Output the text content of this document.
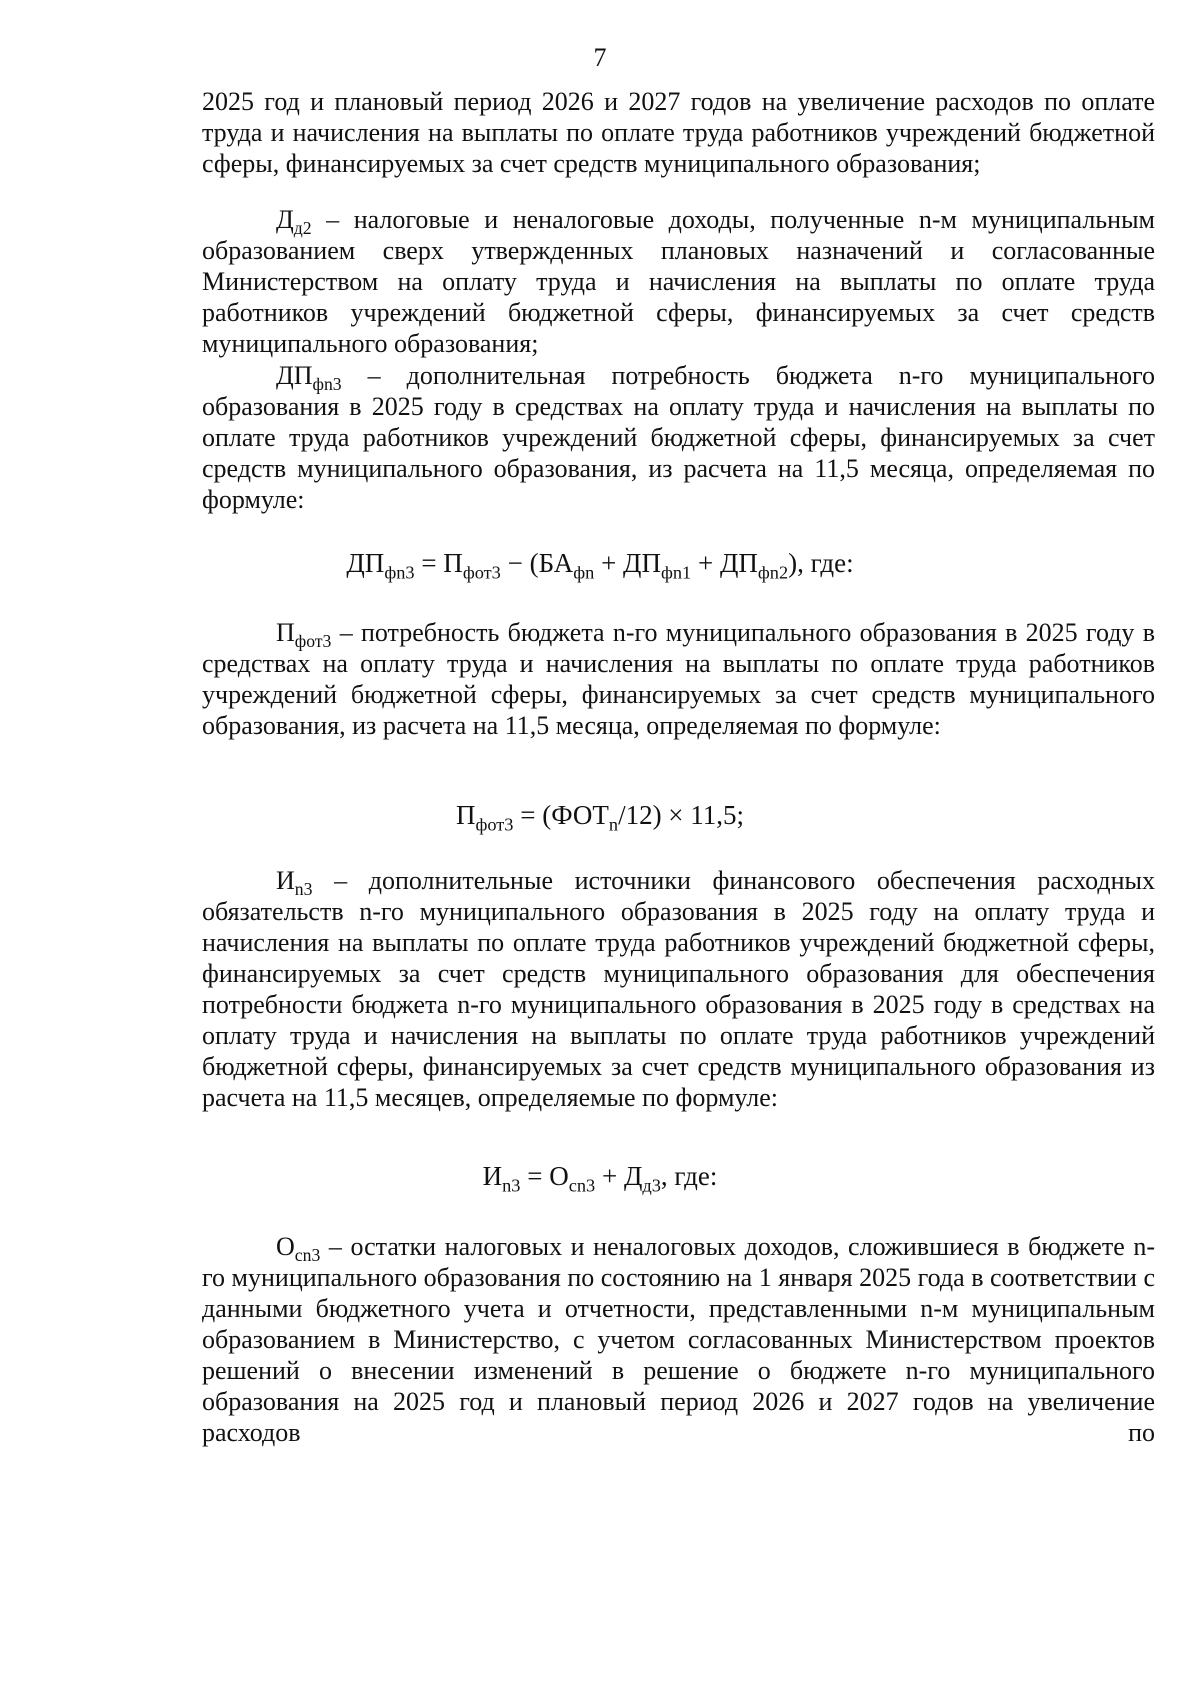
7
2025 год и плановый период 2026 и 2027 годов на увеличение расходов по оплате труда и начисления на выплаты по оплате труда работников учреждений бюджетной сферы, финансируемых за счет средств муниципального образования;
$Д_{д2}$ – налоговые и неналоговые доходы, полученные n-м муниципальным образованием сверх утвержденных плановых назначений и согласованные Министерством на оплату труда и начисления на выплаты по оплате труда работников учреждений бюджетной сферы, финансируемых за счет средств муниципального образования;
$ДП_{фn3}$ – дополнительная потребность бюджета n-го муниципального образования в 2025 году в средствах на оплату труда и начисления на выплаты по оплате труда работников учреждений бюджетной сферы, финансируемых за счет средств муниципального образования, из расчета на 11,5 месяца, определяемая по формуле:
$ДП_{фn3} = П_{фот3} - (БА_{фn} + ДП_{фn1} + ДП_{фn2})$, где:
$П_{фот3}$ – потребность бюджета n-го муниципального образования в 2025 году в средствах на оплату труда и начисления на выплаты по оплате труда работников учреждений бюджетной сферы, финансируемых за счет средств муниципального образования, из расчета на 11,5 месяца, определяемая по формуле:
$П_{фот3} = (ФОТ_n/12) \times 11,5$;
$И_{n3}$ – дополнительные источники финансового обеспечения расходных обязательств n-го муниципального образования в 2025 году на оплату труда и начисления на выплаты по оплате труда работников учреждений бюджетной сферы, финансируемых за счет средств муниципального образования для обеспечения потребности бюджета n-го муниципального образования в 2025 году в средствах на оплату труда и начисления на выплаты по оплате труда работников учреждений бюджетной сферы, финансируемых за счет средств муниципального образования из расчета на 11,5 месяцев, определяемые по формуле:
$И_{n3} = О_{сn3} + Д_{д3}$, где:
$О_{сn3}$ – остатки налоговых и неналоговых доходов, сложившиеся в бюджете n-го муниципального образования по состоянию на 1 января 2025 года в соответствии с данными бюджетного учета и отчетности, представленными n-м муниципальным образованием в Министерство, с учетом согласованных Министерством проектов решений о внесении изменений в решение о бюджете n-го муниципального образования на 2025 год и плановый период 2026 и 2027 годов на увеличение расходов по
